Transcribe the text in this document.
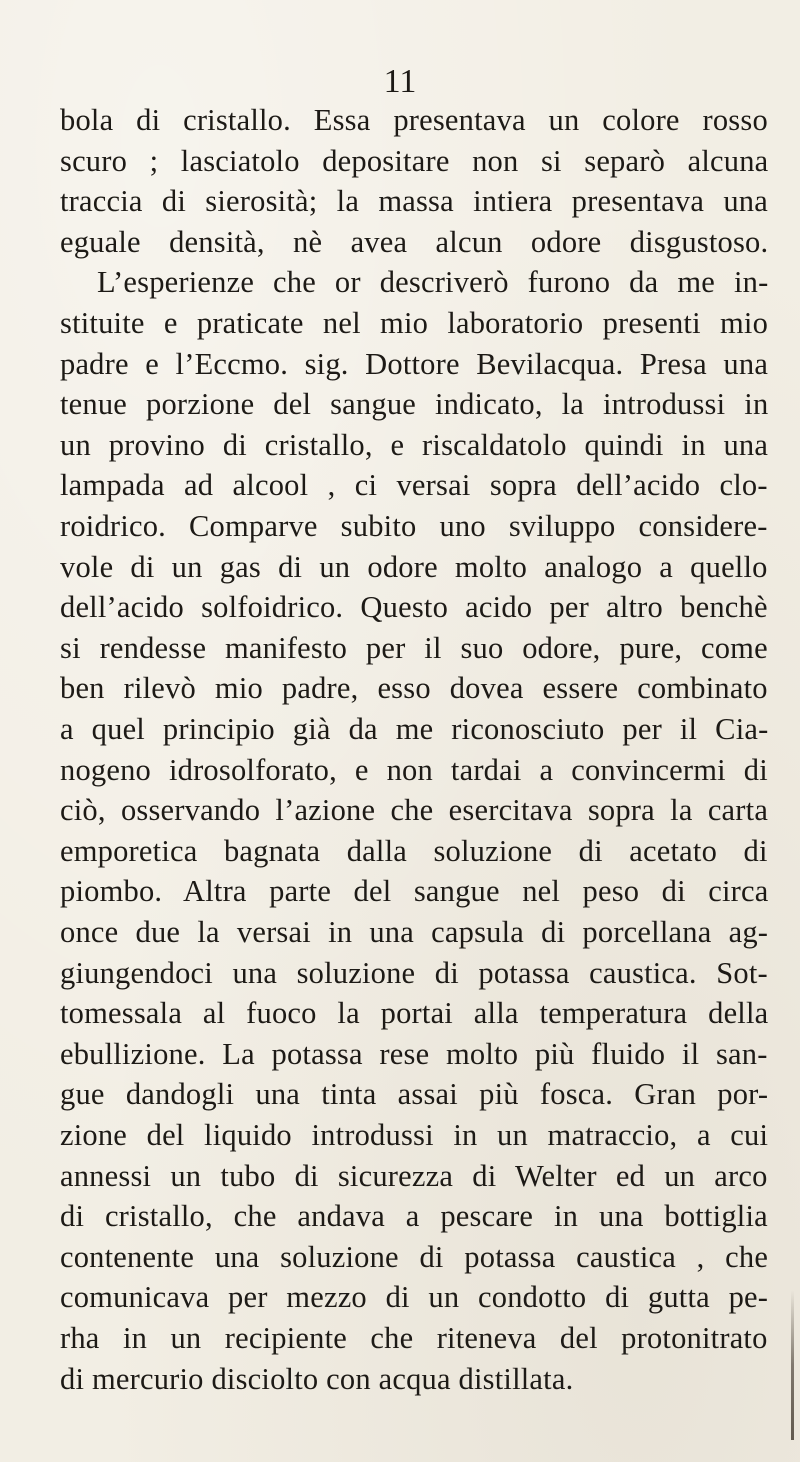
11
bola di cristallo. Essa presentava un colore rosso
scuro ; lasciatolo depositare non si separò alcuna
traccia di sierosità; la massa intiera presentava una
eguale densità, nè avea alcun odore disgustoso.
L’esperienze che or descriverò furono da me in-
stituite e praticate nel mio laboratorio presenti mio
padre e l’Eccmo. sig. Dottore Bevilacqua. Presa una
tenue porzione del sangue indicato, la introdussi in
un provino di cristallo, e riscaldatolo quindi in una
lampada ad alcool , ci versai sopra dell’acido clo-
roidrico. Comparve subito uno sviluppo considere-
vole di un gas di un odore molto analogo a quello
dell’acido solfoidrico. Questo acido per altro benchè
si rendesse manifesto per il suo odore, pure, come
ben rilevò mio padre, esso dovea essere combinato
a quel principio già da me riconosciuto per il Cia-
nogeno idrosolforato, e non tardai a convincermi di
ciò, osservando l’azione che esercitava sopra la carta
emporetica bagnata dalla soluzione di acetato di
piombo. Altra parte del sangue nel peso di circa
once due la versai in una capsula di porcellana ag-
giungendoci una soluzione di potassa caustica. Sot-
tomessala al fuoco la portai alla temperatura della
ebullizione. La potassa rese molto più fluido il san-
gue dandogli una tinta assai più fosca. Gran por-
zione del liquido introdussi in un matraccio, a cui
annessi un tubo di sicurezza di Welter ed un arco
di cristallo, che andava a pescare in una bottiglia
contenente una soluzione di potassa caustica , che
comunicava per mezzo di un condotto di gutta pe-
rha in un recipiente che riteneva del protonitrato
di mercurio disciolto con acqua distillata.
